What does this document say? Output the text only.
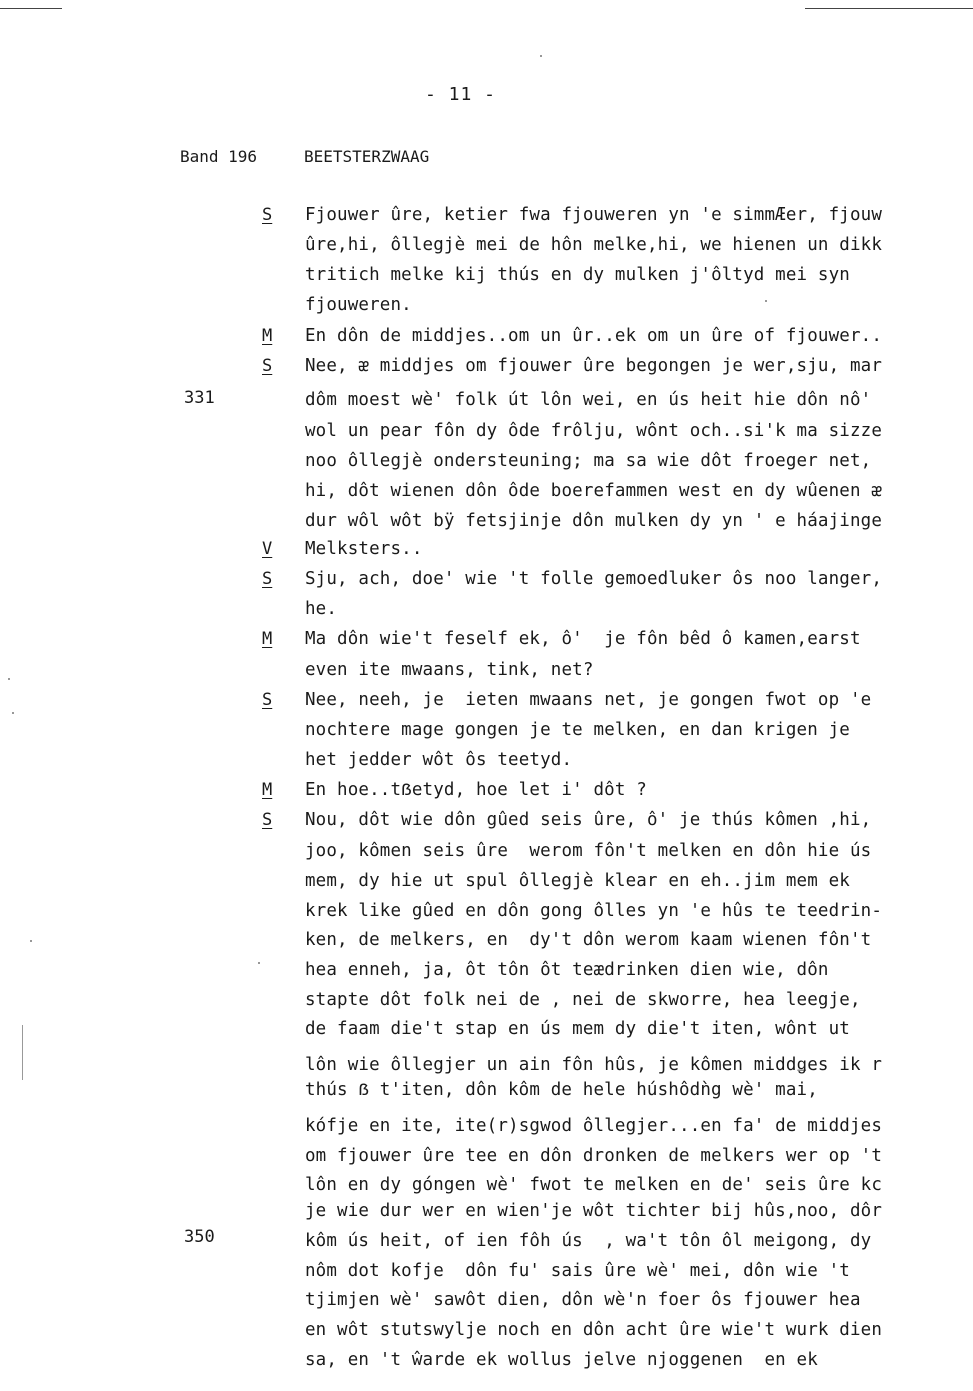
- 11 -
Band 196	BEETSTERZWAAG
S
M
S
V
S
M
S
M
S
331
350
Fjouwer ûre, ketier fwa fjouweren yn 'e simmÆer, fjouw
ûre,hi, ôllegjè mei de hôn melke,hi, we hienen un dikk
tritich melke kij thús en dy mulken j'ôltyd mei syn
fjouweren.
En dôn de middjes..om un ûr..ek om un ûre of fjouwer..
Nee, ᴂ middjes om fjouwer ûre begongen je wer,sju, mar
dôm moest wè' folk út lôn wei, en ús heit hie dôn nô'
wol un pear fôn dy ôde frôlju, wônt och..si'k ma sizze
noo ôllegjè ondersteuning; ma sa wie dôt froeger net,
hi, dôt wienen dôn ôde boerefammen west en dy wûenen ᴂ
dur wôl wôt bÿ fetsjinje dôn mulken dy yn ' e háajinge
Melksters..
Sju, ach, doe' wie 't folle gemoedluker ôs noo langer,
he.
Ma dôn wie't feself ek, ô'  je fôn bêd ô kamen,earst
even ite mwaans, tink, net?
Nee, neeh, je  ieten mwaans net, je gongen fwot op 'e
nochtere mage gongen je te melken, en dan krigen je
het jedder wôt ôs teetyd.
En hoe..tẞetyd, hoe let i' dôt ?
Nou, dôt wie dôn gûed seis ûre, ô' je thús kômen ,hi,
joo, kômen seis ûre  werom fôn't melken en dôn hie ús
mem, dy hie ut spul ôllegjè klear en eh..jim mem ek
krek like gûed en dôn gong ôlles yn 'e hûs te teedrin-
ken, de melkers, en  dy't dôn werom kaam wienen fôn't
hea enneh, ja, ôt tôn ôt teædrinken dien wie, dôn
stapte dôt folk nei de , nei de skworre, hea leegje,
de faam die't stap en ús mem dy die't iten, wônt ut
lôn wie ôllegjer un ain fôn hûs, je kômen middǥes ik r
thús ẞ t'iten, dôn kôm de hele húshôdǹg wè' mai,
kófje en ite, ite(r)sgwod ôllegjer...en fa' de middjes
om fjouwer ûre tee en dôn dronken de melkers wer op 't
lôn en dy góngen wè' fwot te melken en de' seis ûre kc
je wie dur wer en wien'je wôt tichter bij hûs,noo, dôr
kôm ús heit, of ien fôh ús  , wa't tôn ôl meigong, dy
nôm dot kofje  dôn fu' sais ûre wè' mei, dôn wie 't
tjimjen wè' sawôt dien, dôn wè'n foer ôs fjouwer hea
en wôt stutswylje noch en dôn acht ûre wie't wurk dien
sa, en 't ŵarde ek wollus jelve njoggenen  en ek
